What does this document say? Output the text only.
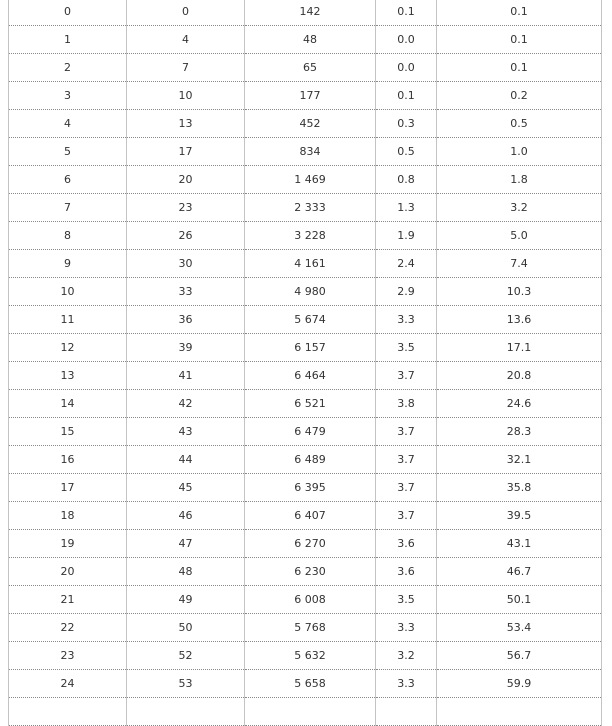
0	0	142	0.1	0.1
1	4	48	0.0	0.1
2	7	65	0.0	0.1
3	10	177	0.1	0.2
4	13	452	0.3	0.5
5	17	834	0.5	1.0
6	20	1 469	0.8	1.8
7	23	2 333	1.3	3.2
8	26	3 228	1.9	5.0
9	30	4 161	2.4	7.4
10	33	4 980	2.9	10.3
11	36	5 674	3.3	13.6
12	39	6 157	3.5	17.1
13	41	6 464	3.7	20.8
14	42	6 521	3.8	24.6
15	43	6 479	3.7	28.3
16	44	6 489	3.7	32.1
17	45	6 395	3.7	35.8
18	46	6 407	3.7	39.5
19	47	6 270	3.6	43.1
20	48	6 230	3.6	46.7
21	49	6 008	3.5	50.1
22	50	5 768	3.3	53.4
23	52	5 632	3.2	56.7
24	53	5 658	3.3	59.9
